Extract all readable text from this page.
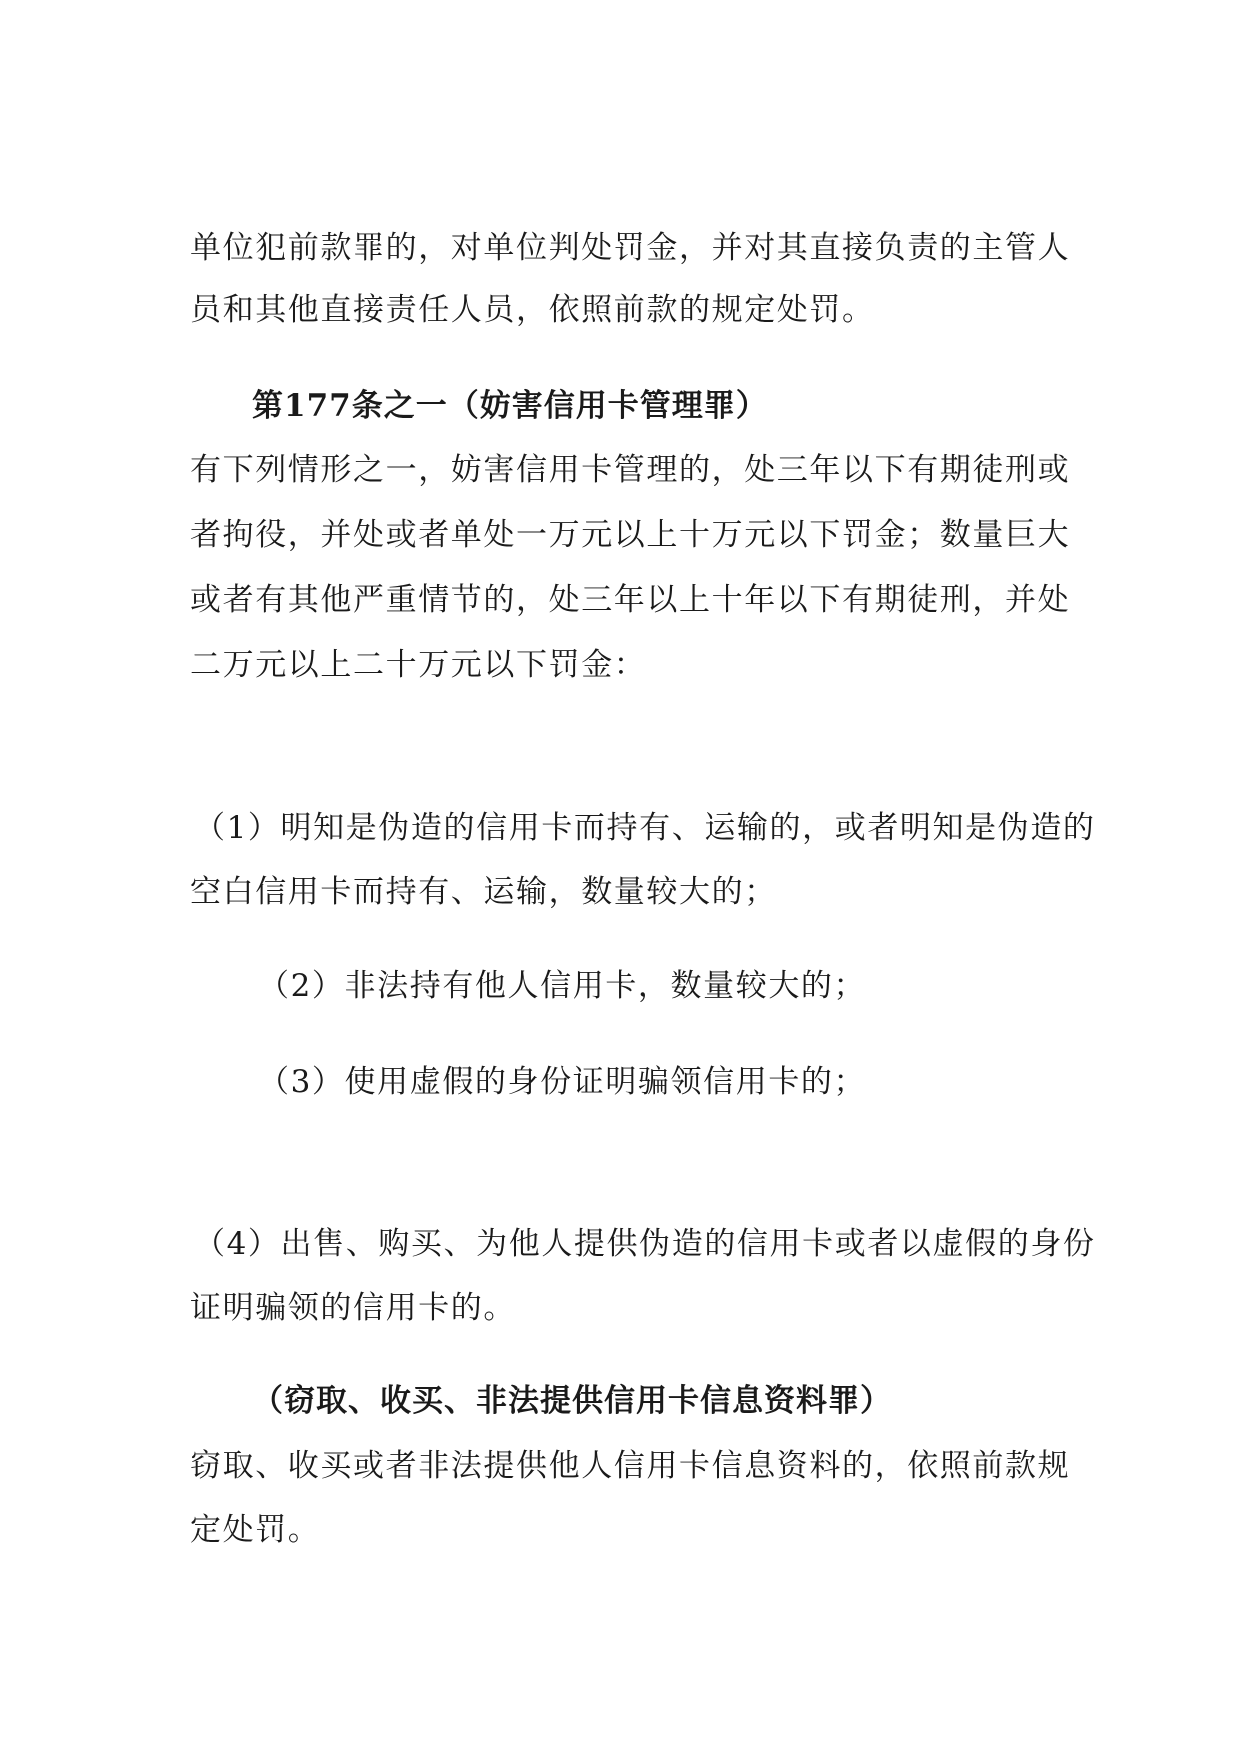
单位犯前款罪的，对单位判处罚金，并对其直接负责的主管人
员和其他直接责任人员，依照前款的规定处罚。
第177条之一（妨害信用卡管理罪）
有下列情形之一，妨害信用卡管理的，处三年以下有期徒刑或
者拘役，并处或者单处一万元以上十万元以下罚金；数量巨大
或者有其他严重情节的，处三年以上十年以下有期徒刑，并处
二万元以上二十万元以下罚金：
（1）明知是伪造的信用卡而持有、运输的，或者明知是伪造的
空白信用卡而持有、运输，数量较大的；
（2）非法持有他人信用卡，数量较大的；
（3）使用虚假的身份证明骗领信用卡的；
（4）出售、购买、为他人提供伪造的信用卡或者以虚假的身份
证明骗领的信用卡的。
（窃取、收买、非法提供信用卡信息资料罪）
窃取、收买或者非法提供他人信用卡信息资料的，依照前款规
定处罚。
